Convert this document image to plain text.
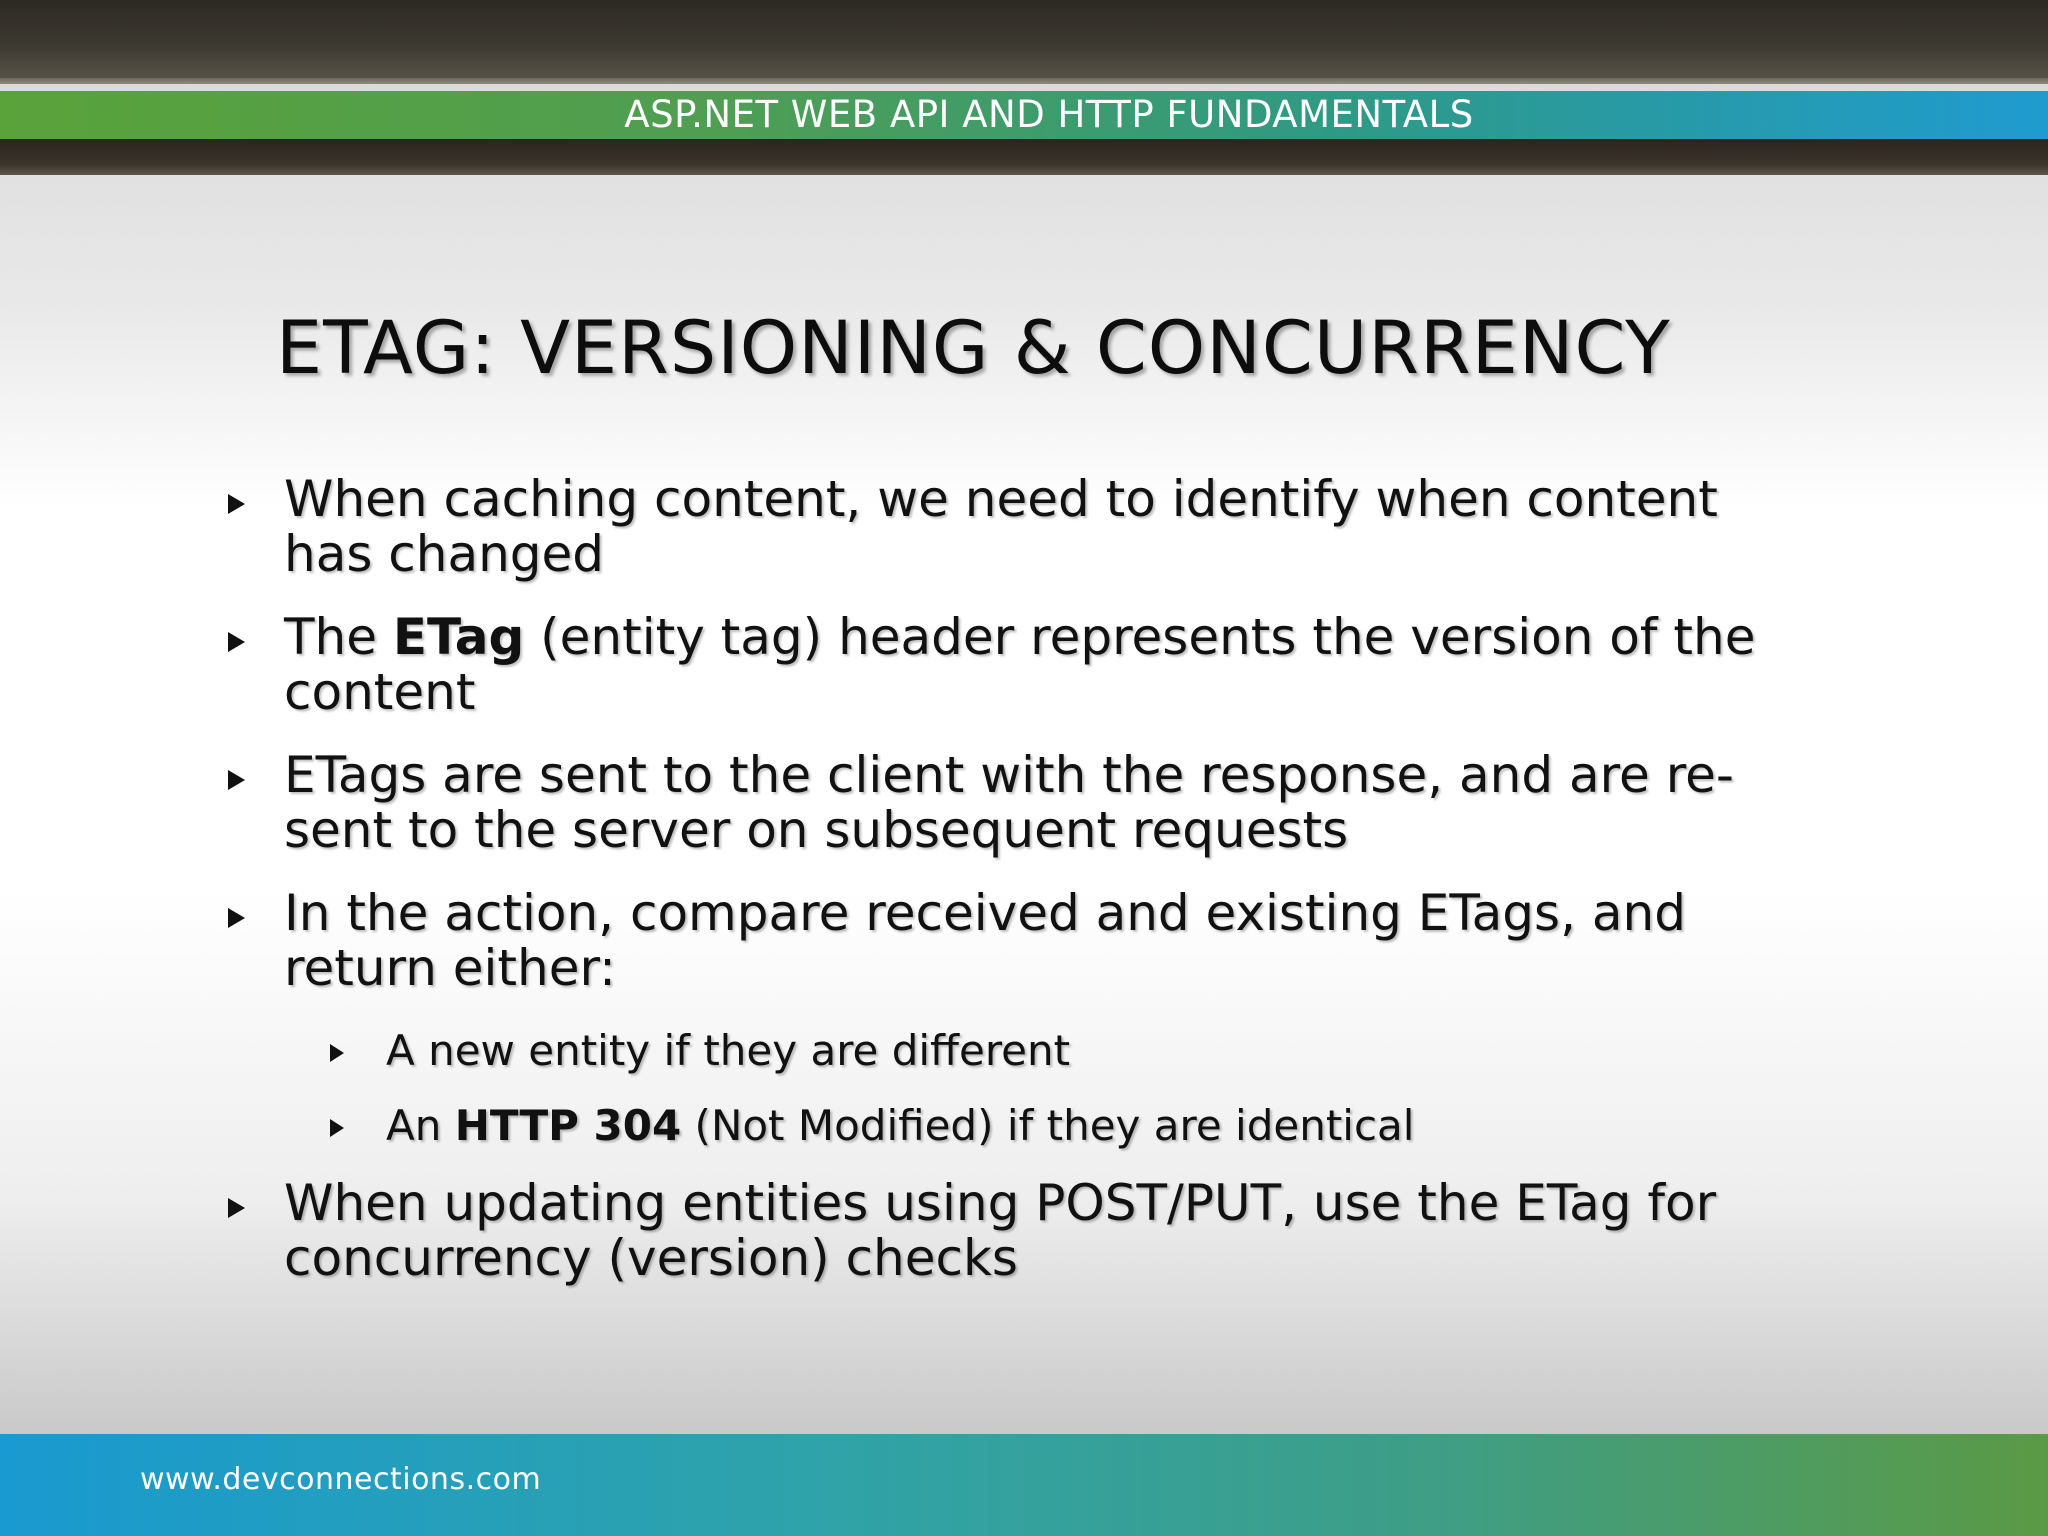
ASP.NET WEB API AND HTTP FUNDAMENTALS
ETAG: VERSIONING & CONCURRENCY
When caching content, we need to identify when content has changed
The ETag (entity tag) header represents the version of the content
ETags are sent to the client with the response, and are re-sent to the server on subsequent requests
In the action, compare received and existing ETags, and return either:
A new entity if they are different
An HTTP 304 (Not Modified) if they are identical
When updating entities using POST/PUT, use the ETag for concurrency (version) checks
www.devconnections.com
